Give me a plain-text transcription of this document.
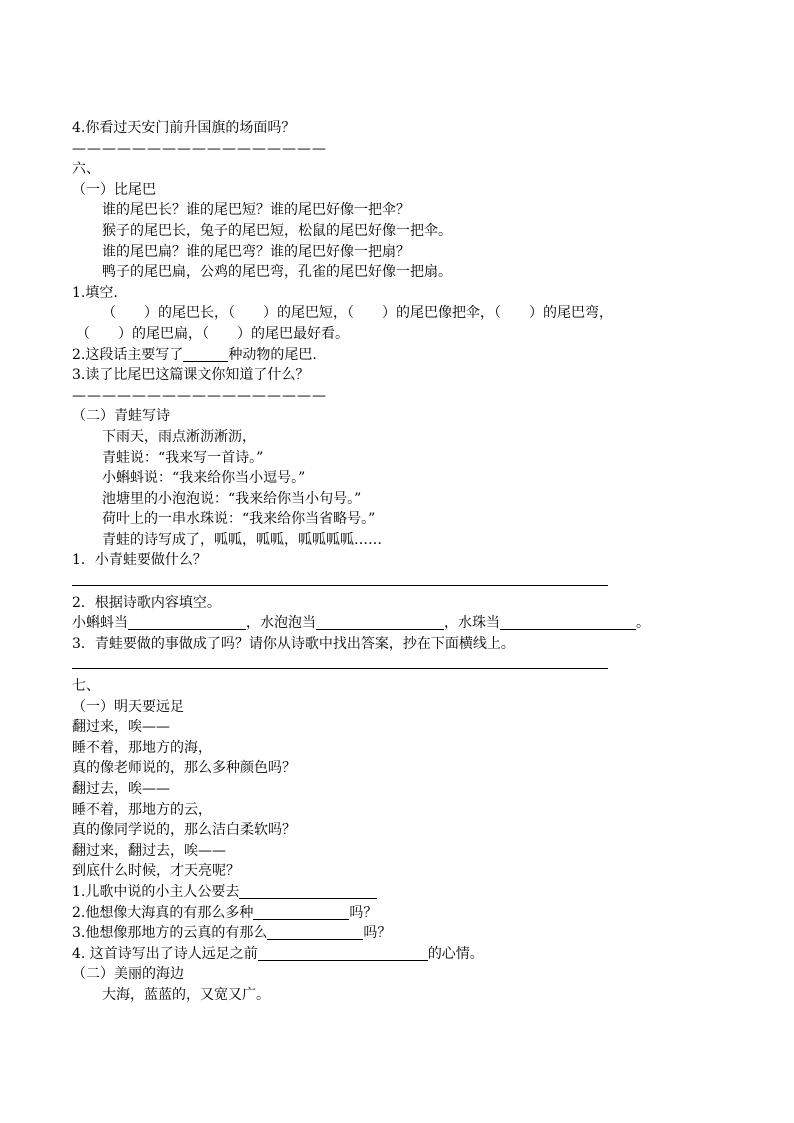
4.你看过天安门前升国旗的场面吗？
—————————————————
六、
（一）比尾巴
谁的尾巴长？谁的尾巴短？谁的尾巴好像一把伞？
猴子的尾巴长，兔子的尾巴短，松鼠的尾巴好像一把伞。
谁的尾巴扁？谁的尾巴弯？谁的尾巴好像一把扇？
鸭子的尾巴扁，公鸡的尾巴弯，孔雀的尾巴好像一把扇。
1.填空.
（　　）的尾巴长，（　　）的尾巴短，（　　）的尾巴像把伞，（　　）的尾巴弯，
（　　）的尾巴扁，（　　）的尾巴最好看。
2.这段话主要写了	种动物的尾巴.
3.读了比尾巴这篇课文你知道了什么？
—————————————————
（二）青蛙写诗
下雨天，雨点淅沥淅沥，
青蛙说：“我来写一首诗。”
小蝌蚪说：“我来给你当小逗号。”
池塘里的小泡泡说：“我来给你当小句号。”
荷叶上的一串水珠说：“我来给你当省略号。”
青蛙的诗写成了，呱呱，呱呱，呱呱呱呱……
1．小青蛙要做什么？
2．根据诗歌内容填空。
小蝌蚪当	，水泡泡当	，水珠当	。
3．青蛙要做的事做成了吗？请你从诗歌中找出答案，抄在下面横线上。
七、
（一）明天要远足
翻过来，唉——
睡不着，那地方的海，
真的像老师说的，那么多种颜色吗？
翻过去，唉——
睡不着，那地方的云，
真的像同学说的，那么洁白柔软吗？
翻过来，翻过去，唉——
到底什么时候，才天亮呢？
1.儿歌中说的小主人公要去
2.他想像大海真的有那么多种	吗？
3.他想像那地方的云真的有那么	吗？
4. 这首诗写出了诗人远足之前	的心情。
（二）美丽的海边
大海，蓝蓝的，又宽又广。
